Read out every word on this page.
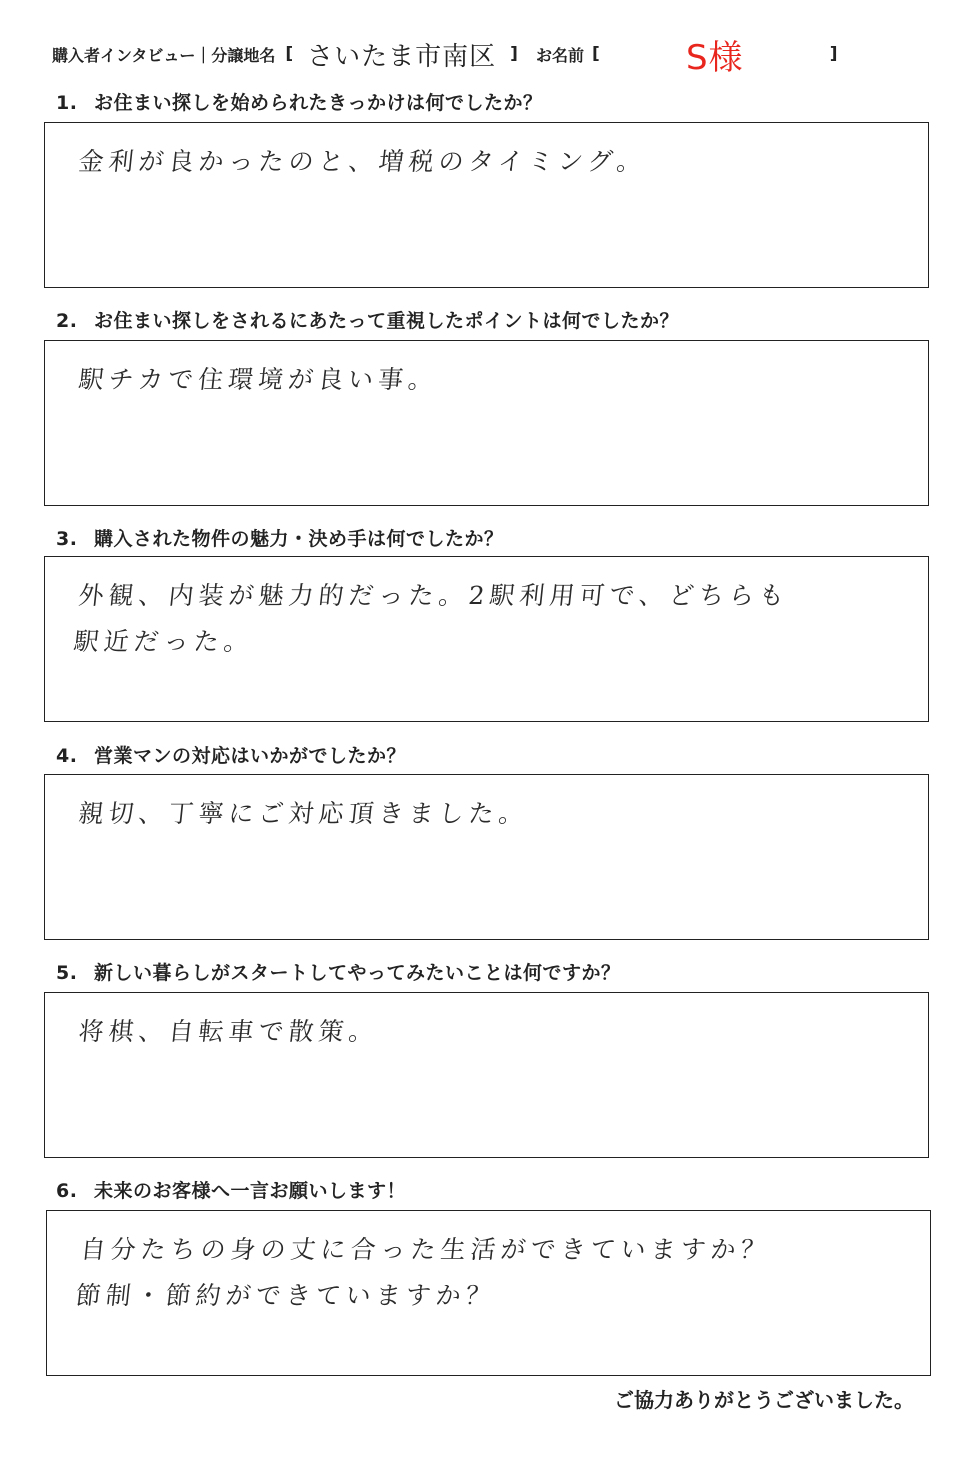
購入者インタビュー｜分譲地名 [ さいたま市南区 ] お名前 [	S様	]
1. お住まい探しを始められたきっかけは何でしたか？
金利が良かったのと、増税のタイミング。
2. お住まい探しをされるにあたって重視したポイントは何でしたか？
駅チカで住環境が良い事。
3. 購入された物件の魅力・決め手は何でしたか？
外観、内装が魅力的だった。2駅利用可で、どちらも
駅近だった。
4. 営業マンの対応はいかがでしたか？
親切、丁寧にご対応頂きました。
5. 新しい暮らしがスタートしてやってみたいことは何ですか？
将棋、自転車で散策。
6. 未来のお客様へ一言お願いします！
自分たちの身の丈に合った生活ができていますか？
節制・節約ができていますか？
ご協力ありがとうございました。
